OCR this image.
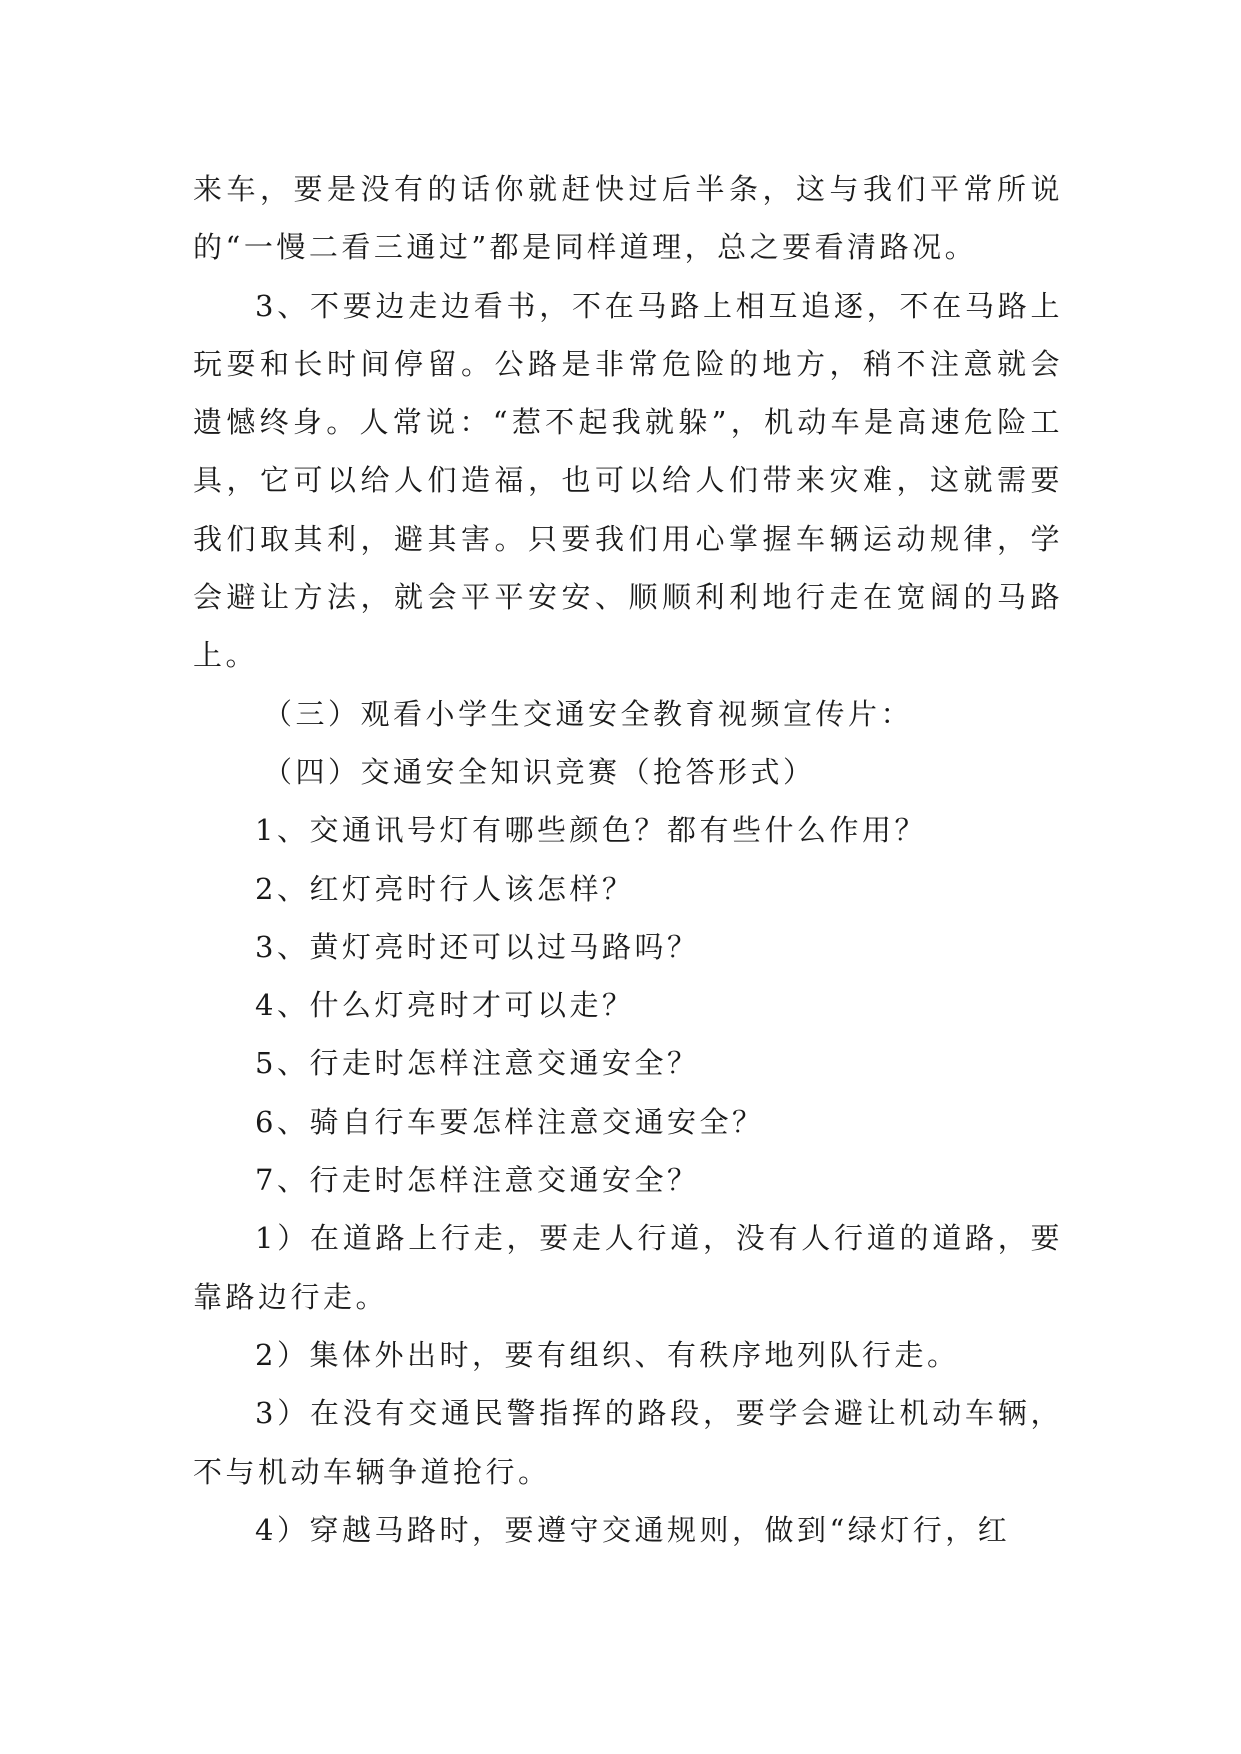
来车，要是没有的话你就赶快过后半条，这与我们平常所说的“一慢二看三通过”都是同样道理，总之要看清路况。

3、不要边走边看书，不在马路上相互追逐，不在马路上玩耍和长时间停留。公路是非常危险的地方，稍不注意就会遗憾终身。人常说：“惹不起我就躲”，机动车是高速危险工具，它可以给人们造福，也可以给人们带来灾难，这就需要我们取其利，避其害。只要我们用心掌握车辆运动规律，学会避让方法，就会平平安安、顺顺利利地行走在宽阔的马路上。

（三）观看小学生交通安全教育视频宣传片：

（四）交通安全知识竞赛（抢答形式）

1、交通讯号灯有哪些颜色？都有些什么作用？

2、红灯亮时行人该怎样？

3、黄灯亮时还可以过马路吗？

4、什么灯亮时才可以走？

5、行走时怎样注意交通安全？

6、骑自行车要怎样注意交通安全？

7、行走时怎样注意交通安全？

1）在道路上行走，要走人行道，没有人行道的道路，要靠路边行走。

2）集体外出时，要有组织、有秩序地列队行走。

3）在没有交通民警指挥的路段，要学会避让机动车辆，不与机动车辆争道抢行。

4）穿越马路时，要遵守交通规则，做到“绿灯行，红
